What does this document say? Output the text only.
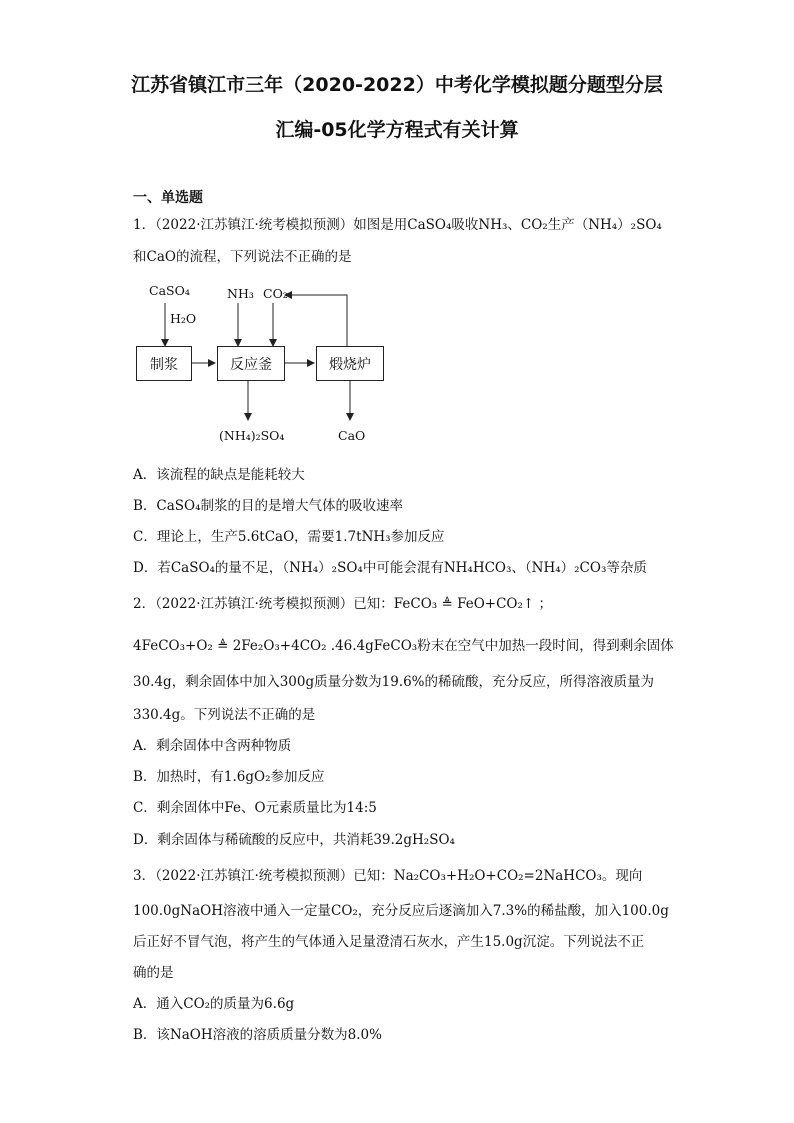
江苏省镇江市三年（2020-2022）中考化学模拟题分题型分层
汇编-05化学方程式有关计算
一、单选题
1．（2022·江苏镇江·统考模拟预测）如图是用CaSO₄吸收NH₃、CO₂生产（NH₄）₂SO₄
和CaO的流程，下列说法不正确的是
CaSO₄
H₂O
NH₃ CO₂
制浆	反应釜	煅烧炉
(NH₄)₂SO₄	CaO
A．该流程的缺点是能耗较大
B．CaSO₄制浆的目的是增大气体的吸收速率
C．理论上，生产5.6tCaO，需要1.7tNH₃参加反应
D．若CaSO₄的量不足，（NH₄）₂SO₄中可能会混有NH₄HCO₃、（NH₄）₂CO₃等杂质
2．（2022·江苏镇江·统考模拟预测）已知：FeCO₃ ≜ FeO+CO₂↑ ；
4FeCO₃+O₂ ≜ 2Fe₂O₃+4CO₂ .46.4gFeCO₃粉末在空气中加热一段时间，得到剩余固体
30.4g，剩余固体中加入300g质量分数为19.6%的稀硫酸，充分反应，所得溶液质量为
330.4g。下列说法不正确的是
A．剩余固体中含两种物质
B．加热时，有1.6gO₂参加反应
C．剩余固体中Fe、O元素质量比为14:5
D．剩余固体与稀硫酸的反应中，共消耗39.2gH₂SO₄
3．（2022·江苏镇江·统考模拟预测）已知：Na₂CO₃+H₂O+CO₂=2NaHCO₃。现向
100.0gNaOH溶液中通入一定量CO₂，充分反应后逐滴加入7.3%的稀盐酸，加入100.0g
后正好不冒气泡，将产生的气体通入足量澄清石灰水，产生15.0g沉淀。下列说法不正
确的是
A．通入CO₂的质量为6.6g
B．该NaOH溶液的溶质质量分数为8.0%
